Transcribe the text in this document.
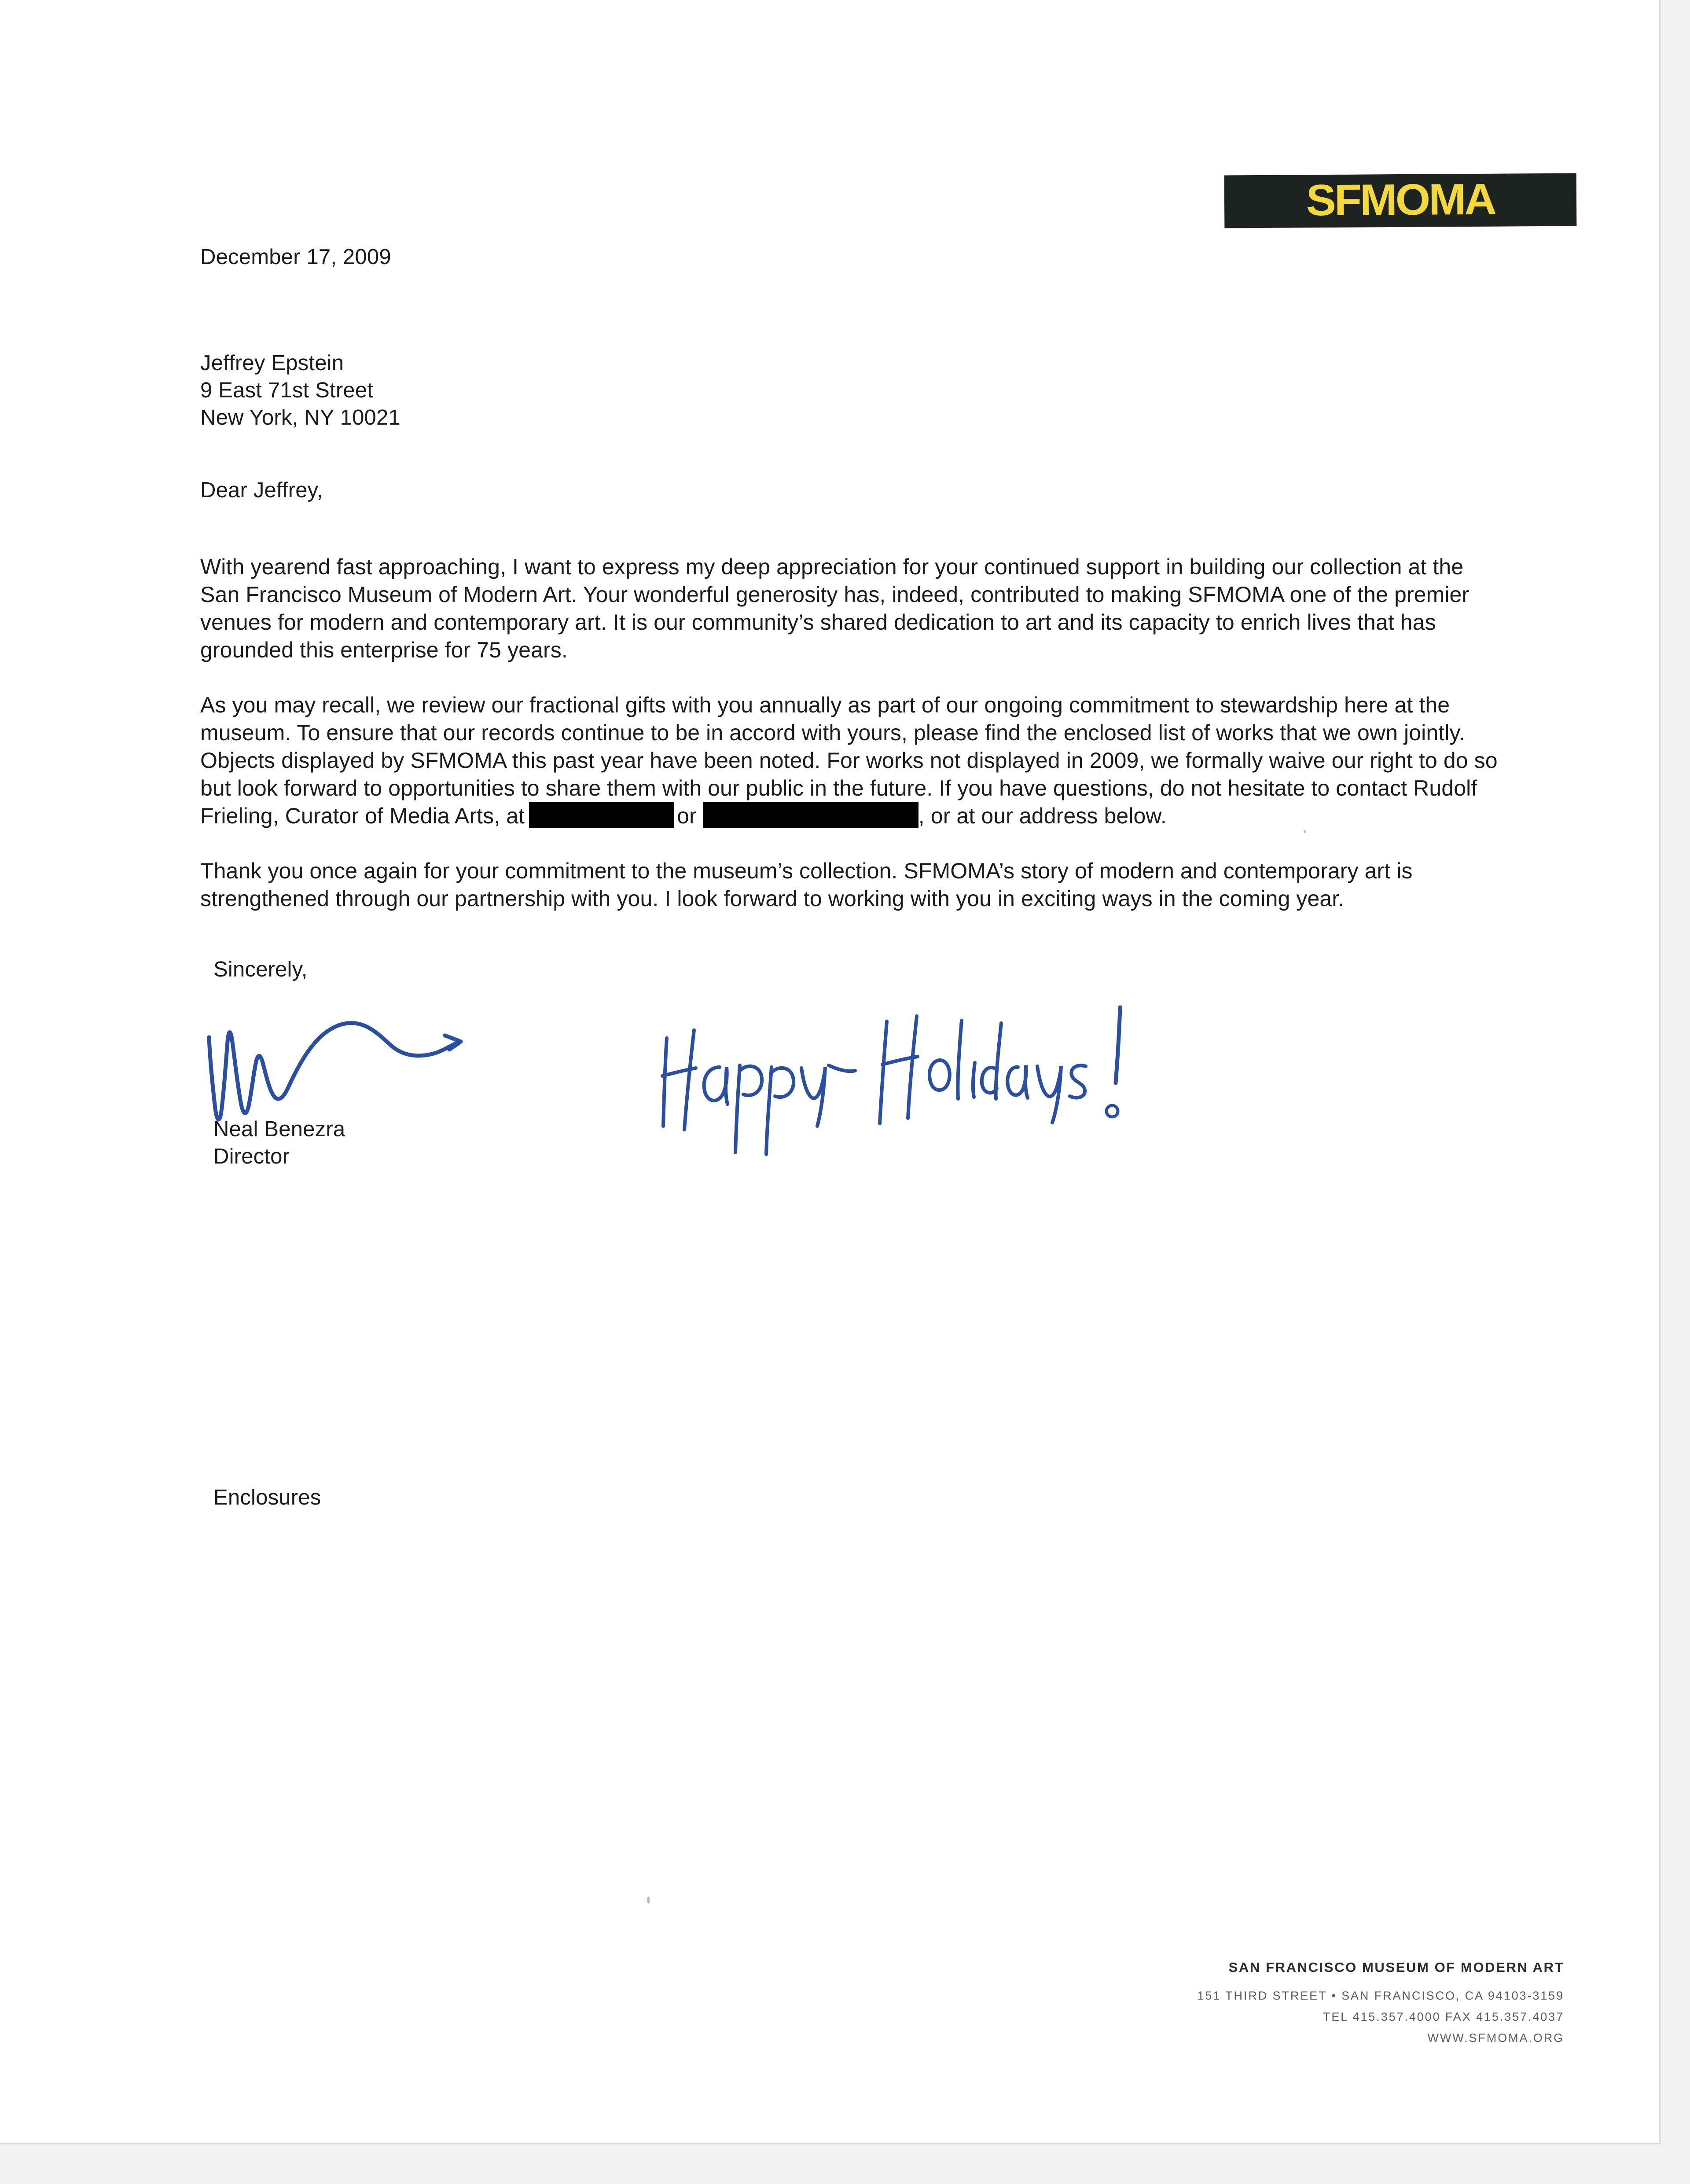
SFMOMA
December 17, 2009
Jeffrey Epstein
9 East 71st Street
New York, NY 10021
Dear Jeffrey,

With yearend fast approaching, I want to express my deep appreciation for your continued support in building our collection at the San Francisco Museum of Modern Art. Your wonderful generosity has, indeed, contributed to making SFMOMA one of the premier venues for modern and contemporary art. It is our community’s shared dedication to art and its capacity to enrich lives that has grounded this enterprise for 75 years.

As you may recall, we review our fractional gifts with you annually as part of our ongoing commitment to stewardship here at the museum. To ensure that our records continue to be in accord with yours, please find the enclosed list of works that we own jointly. Objects displayed by SFMOMA this past year have been noted. For works not displayed in 2009, we formally waive our right to do so but look forward to opportunities to share them with our public in the future. If you have questions, do not hesitate to contact Rudolf Frieling, Curator of Media Arts, at	or	, or at our address below.

Thank you once again for your commitment to the museum’s collection. SFMOMA’s story of modern and contemporary art is strengthened through our partnership with you. I look forward to working with you in exciting ways in the coming year.

Sincerely,
Neal Benezra
Director
Enclosures
SAN FRANCISCO MUSEUM OF MODERN ART
151 THIRD STREET • SAN FRANCISCO, CA 94103-3159
TEL 415.357.4000 FAX 415.357.4037
WWW.SFMOMA.ORG
